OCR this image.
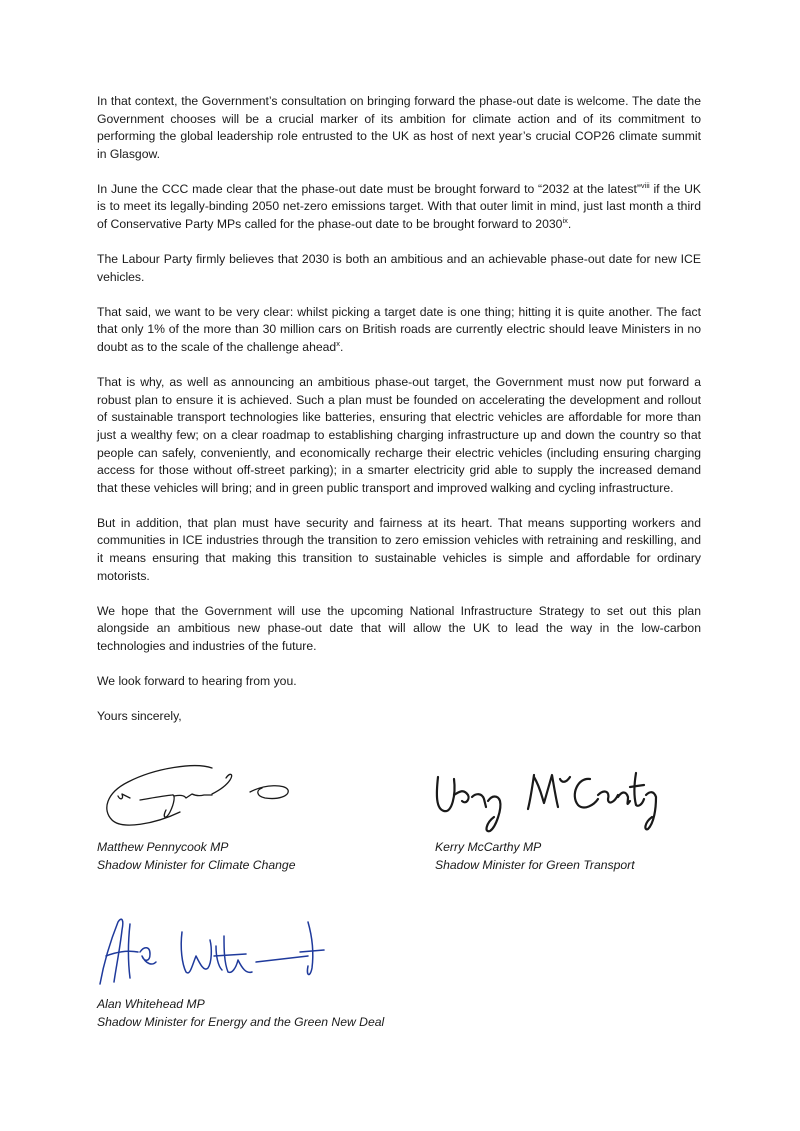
In that context, the Government’s consultation on bringing forward the phase-out date is welcome. The date the Government chooses will be a crucial marker of its ambition for climate action and of its commitment to performing the global leadership role entrusted to the UK as host of next year’s crucial COP26 climate summit in Glasgow.

In June the CCC made clear that the phase-out date must be brought forward to “2032 at the latest”$^{viii}$ if the UK is to meet its legally-binding 2050 net-zero emissions target. With that outer limit in mind, just last month a third of Conservative Party MPs called for the phase-out date to be brought forward to 2030$^{ix}$.

The Labour Party firmly believes that 2030 is both an ambitious and an achievable phase-out date for new ICE vehicles.

That said, we want to be very clear: whilst picking a target date is one thing; hitting it is quite another. The fact that only 1% of the more than 30 million cars on British roads are currently electric should leave Ministers in no doubt as to the scale of the challenge ahead$^x$.

That is why, as well as announcing an ambitious phase-out target, the Government must now put forward a robust plan to ensure it is achieved. Such a plan must be founded on accelerating the development and rollout of sustainable transport technologies like batteries, ensuring that electric vehicles are affordable for more than just a wealthy few; on a clear roadmap to establishing charging infrastructure up and down the country so that people can safely, conveniently, and economically recharge their electric vehicles (including ensuring charging access for those without off-street parking); in a smarter electricity grid able to supply the increased demand that these vehicles will bring; and in green public transport and improved walking and cycling infrastructure.

But in addition, that plan must have security and fairness at its heart. That means supporting workers and communities in ICE industries through the transition to zero emission vehicles with retraining and reskilling, and it means ensuring that making this transition to sustainable vehicles is simple and affordable for ordinary motorists.

We hope that the Government will use the upcoming National Infrastructure Strategy to set out this plan alongside an ambitious new phase-out date that will allow the UK to lead the way in the low-carbon technologies and industries of the future.

We look forward to hearing from you.

Yours sincerely,

Matthew Pennycook MP
Shadow Minister for Climate Change
Kerry McCarthy MP
Shadow Minister for Green Transport
Alan Whitehead MP
Shadow Minister for Energy and the Green New Deal
